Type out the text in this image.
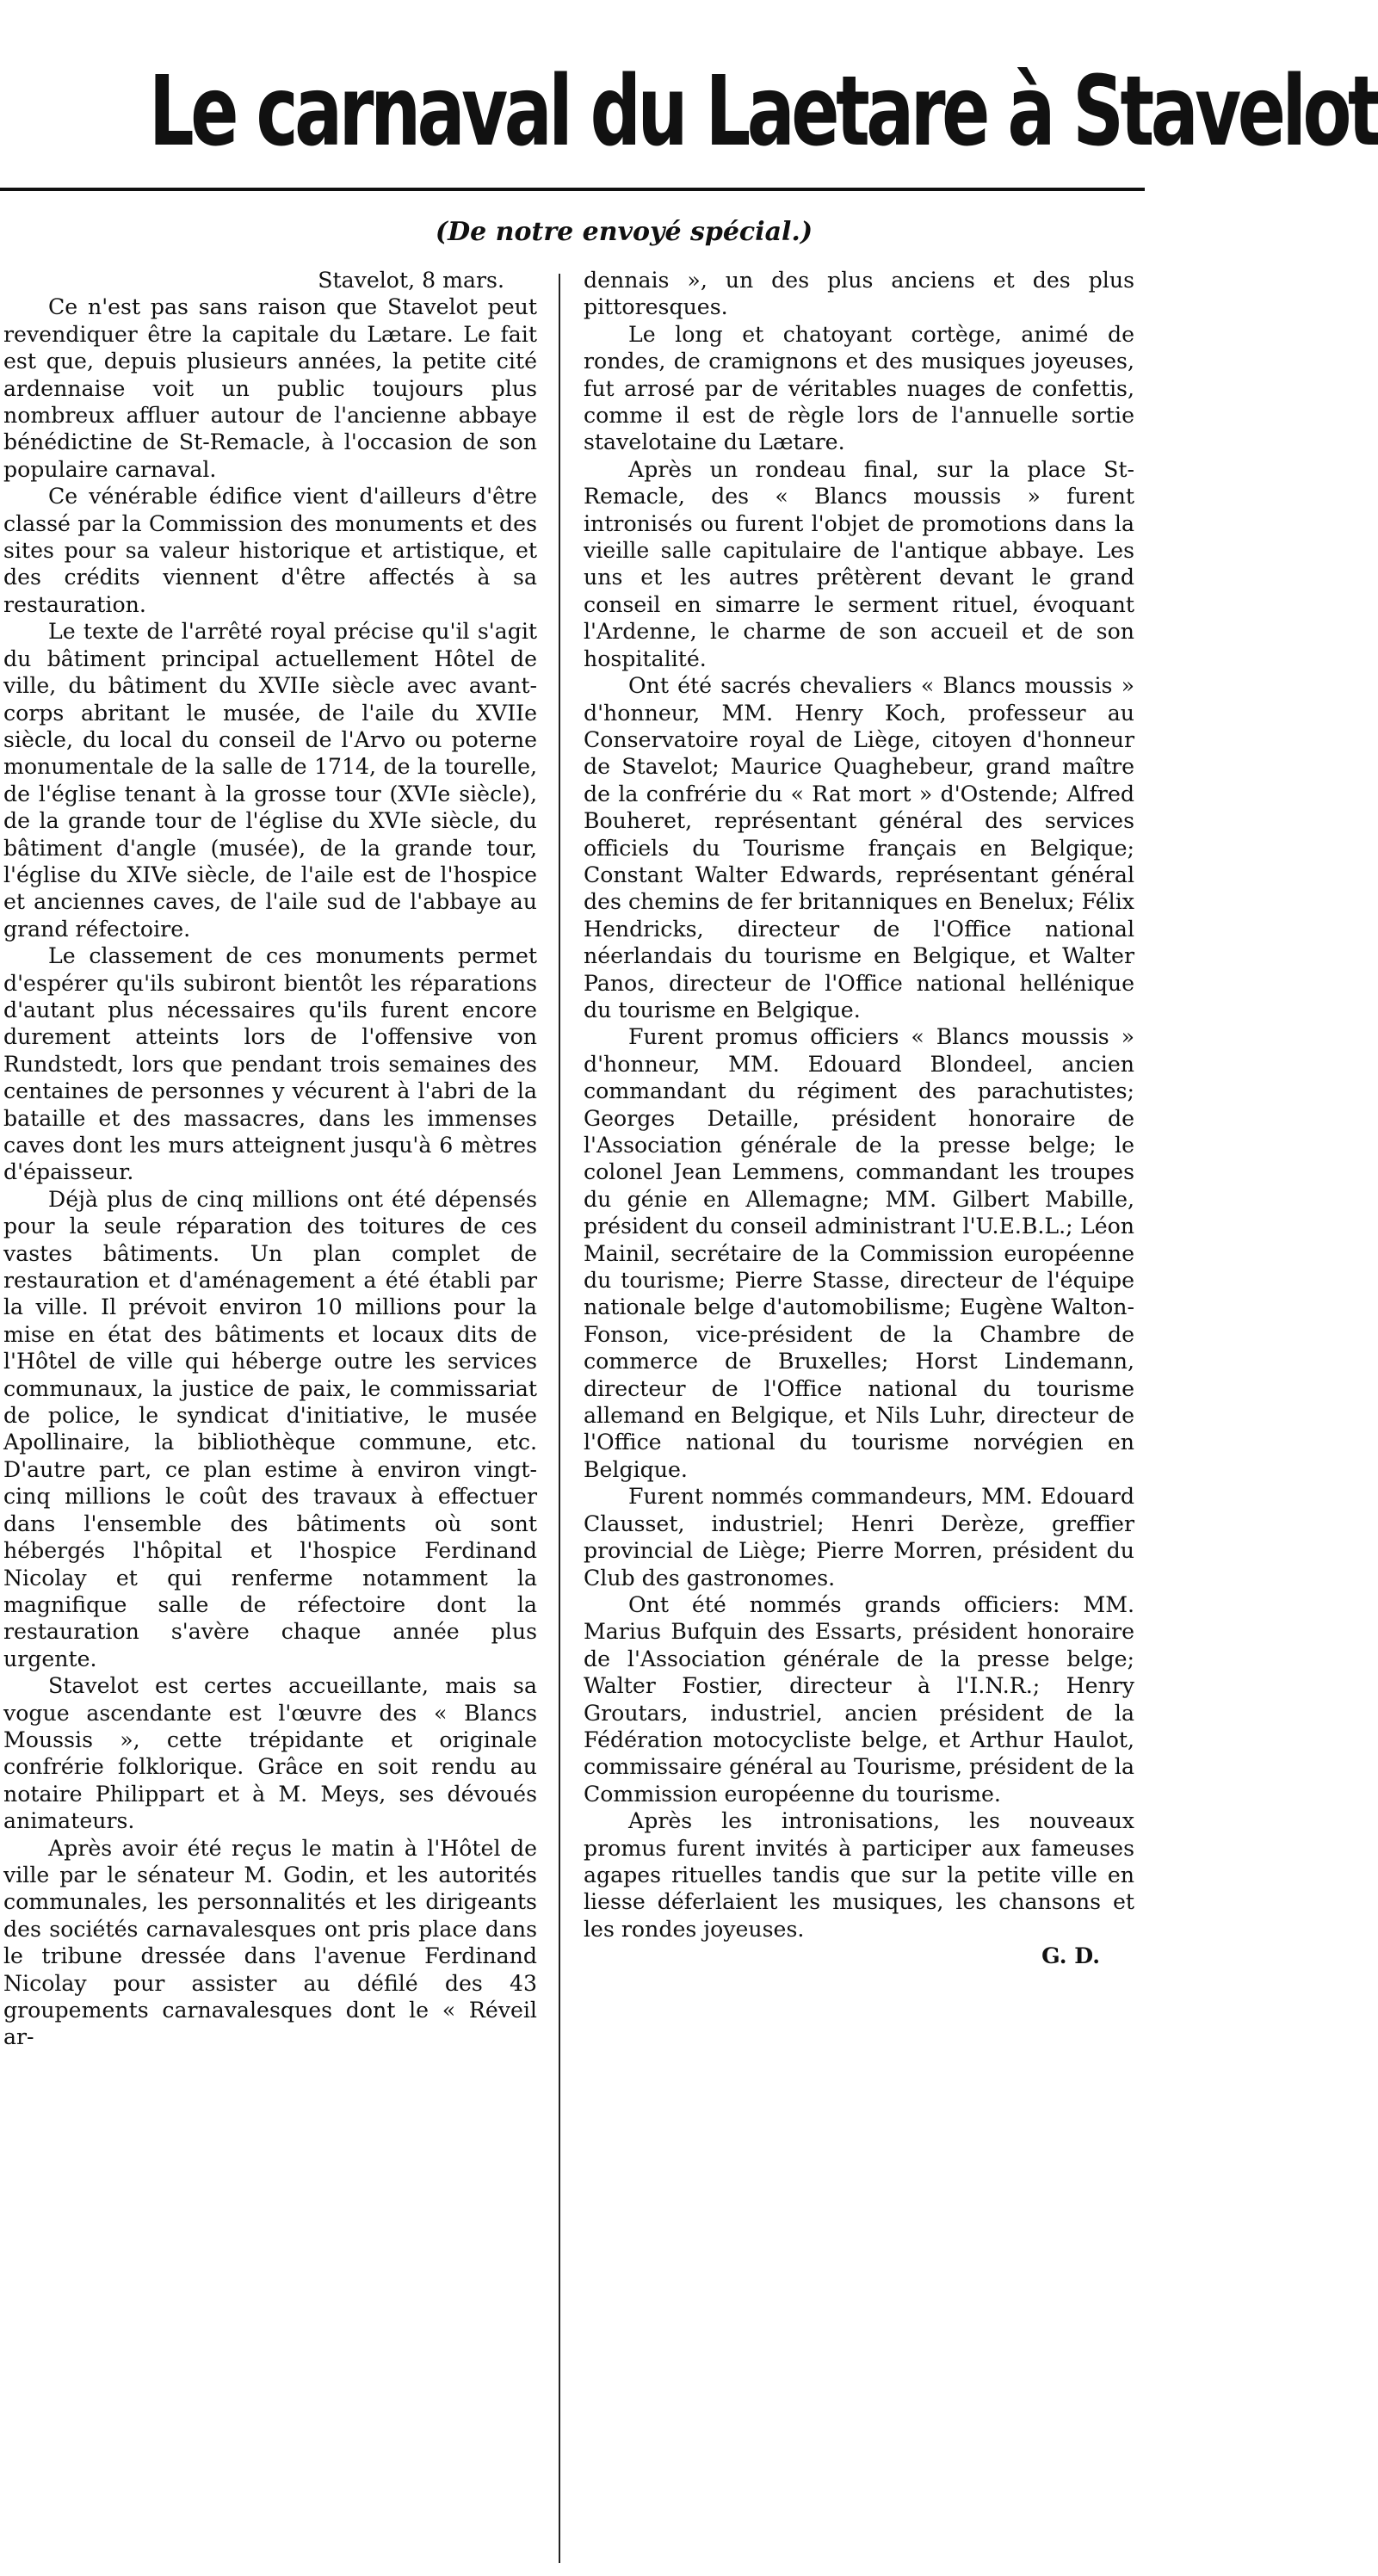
Le carnaval du Laetare à Stavelot
(De notre envoyé spécial.)

Stavelot, 8 mars.

Ce n'est pas sans raison que Stavelot peut revendiquer être la capitale du Lætare. Le fait est que, depuis plusieurs années, la petite cité ardennaise voit un public toujours plus nombreux affluer autour de l'ancienne abbaye bénédictine de St-Remacle, à l'occasion de son populaire carnaval.

Ce vénérable édifice vient d'ailleurs d'être classé par la Commission des monuments et des sites pour sa valeur historique et artistique, et des crédits viennent d'être affectés à sa restauration.

Le texte de l'arrêté royal précise qu'il s'agit du bâtiment principal actuellement Hôtel de ville, du bâtiment du XVIIe siècle avec avant-corps abritant le musée, de l'aile du XVIIe siècle, du local du conseil de l'Arvo ou poterne monumentale de la salle de 1714, de la tourelle, de l'église tenant à la grosse tour (XVIe siècle), de la grande tour de l'église du XVIe siècle, du bâtiment d'angle (musée), de la grande tour, l'église du XIVe siècle, de l'aile est de l'hospice et anciennes caves, de l'aile sud de l'abbaye au grand réfectoire.

Le classement de ces monuments permet d'espérer qu'ils subiront bientôt les réparations d'autant plus nécessaires qu'ils furent encore durement atteints lors de l'offensive von Rundstedt, lors que pendant trois semaines des centaines de personnes y vécurent à l'abri de la bataille et des massacres, dans les immenses caves dont les murs atteignent jusqu'à 6 mètres d'épaisseur.

Déjà plus de cinq millions ont été dépensés pour la seule réparation des toitures de ces vastes bâtiments. Un plan complet de restauration et d'aménagement a été établi par la ville. Il prévoit environ 10 millions pour la mise en état des bâtiments et locaux dits de l'Hôtel de ville qui héberge outre les services communaux, la justice de paix, le commissariat de police, le syndicat d'initiative, le musée Apollinaire, la bibliothèque commune, etc. D'autre part, ce plan estime à environ vingt-cinq millions le coût des travaux à effectuer dans l'ensemble des bâtiments où sont hébergés l'hôpital et l'hospice Ferdinand Nicolay et qui renferme notamment la magnifique salle de réfectoire dont la restauration s'avère chaque année plus urgente.

Stavelot est certes accueillante, mais sa vogue ascendante est l'œuvre des « Blancs Moussis », cette trépidante et originale confrérie folklorique. Grâce en soit rendu au notaire Philippart et à M. Meys, ses dévoués animateurs.

Après avoir été reçus le matin à l'Hôtel de ville par le sénateur M. Godin, et les autorités communales, les personnalités et les dirigeants des sociétés carnavalesques ont pris place dans le tribune dressée dans l'avenue Ferdinand Nicolay pour assister au défilé des 43 groupements carnavalesques dont le « Réveil ar-

dennais », un des plus anciens et des plus pittoresques.

Le long et chatoyant cortège, animé de rondes, de cramignons et des musiques joyeuses, fut arrosé par de véritables nuages de confettis, comme il est de règle lors de l'annuelle sortie stavelotaine du Lætare.

Après un rondeau final, sur la place St-Remacle, des « Blancs moussis » furent intronisés ou furent l'objet de promotions dans la vieille salle capitulaire de l'antique abbaye. Les uns et les autres prêtèrent devant le grand conseil en simarre le serment rituel, évoquant l'Ardenne, le charme de son accueil et de son hospitalité.

Ont été sacrés chevaliers « Blancs moussis » d'honneur, MM. Henry Koch, professeur au Conservatoire royal de Liège, citoyen d'honneur de Stavelot; Maurice Quaghebeur, grand maître de la confrérie du « Rat mort » d'Ostende; Alfred Bouheret, représentant général des services officiels du Tourisme français en Belgique; Constant Walter Edwards, représentant général des chemins de fer britanniques en Benelux; Félix Hendricks, directeur de l'Office national néerlandais du tourisme en Belgique, et Walter Panos, directeur de l'Office national hellénique du tourisme en Belgique.

Furent promus officiers « Blancs moussis » d'honneur, MM. Edouard Blondeel, ancien commandant du régiment des parachutistes; Georges Detaille, président honoraire de l'Association générale de la presse belge; le colonel Jean Lemmens, commandant les troupes du génie en Allemagne; MM. Gilbert Mabille, président du conseil administrant l'U.E.B.L.; Léon Mainil, secrétaire de la Commission européenne du tourisme; Pierre Stasse, directeur de l'équipe nationale belge d'automobilisme; Eugène Walton-Fonson, vice-président de la Chambre de commerce de Bruxelles; Horst Lindemann, directeur de l'Office national du tourisme allemand en Belgique, et Nils Luhr, directeur de l'Office national du tourisme norvégien en Belgique.

Furent nommés commandeurs, MM. Edouard Clausset, industriel; Henri Derèze, greffier provincial de Liège; Pierre Morren, président du Club des gastronomes.

Ont été nommés grands officiers: MM. Marius Bufquin des Essarts, président honoraire de l'Association générale de la presse belge; Walter Fostier, directeur à l'I.N.R.; Henry Groutars, industriel, ancien président de la Fédération motocycliste belge, et Arthur Haulot, commissaire général au Tourisme, président de la Commission européenne du tourisme.

Après les intronisations, les nouveaux promus furent invités à participer aux fameuses agapes rituelles tandis que sur la petite ville en liesse déferlaient les musiques, les chansons et les rondes joyeuses.

G. D.
